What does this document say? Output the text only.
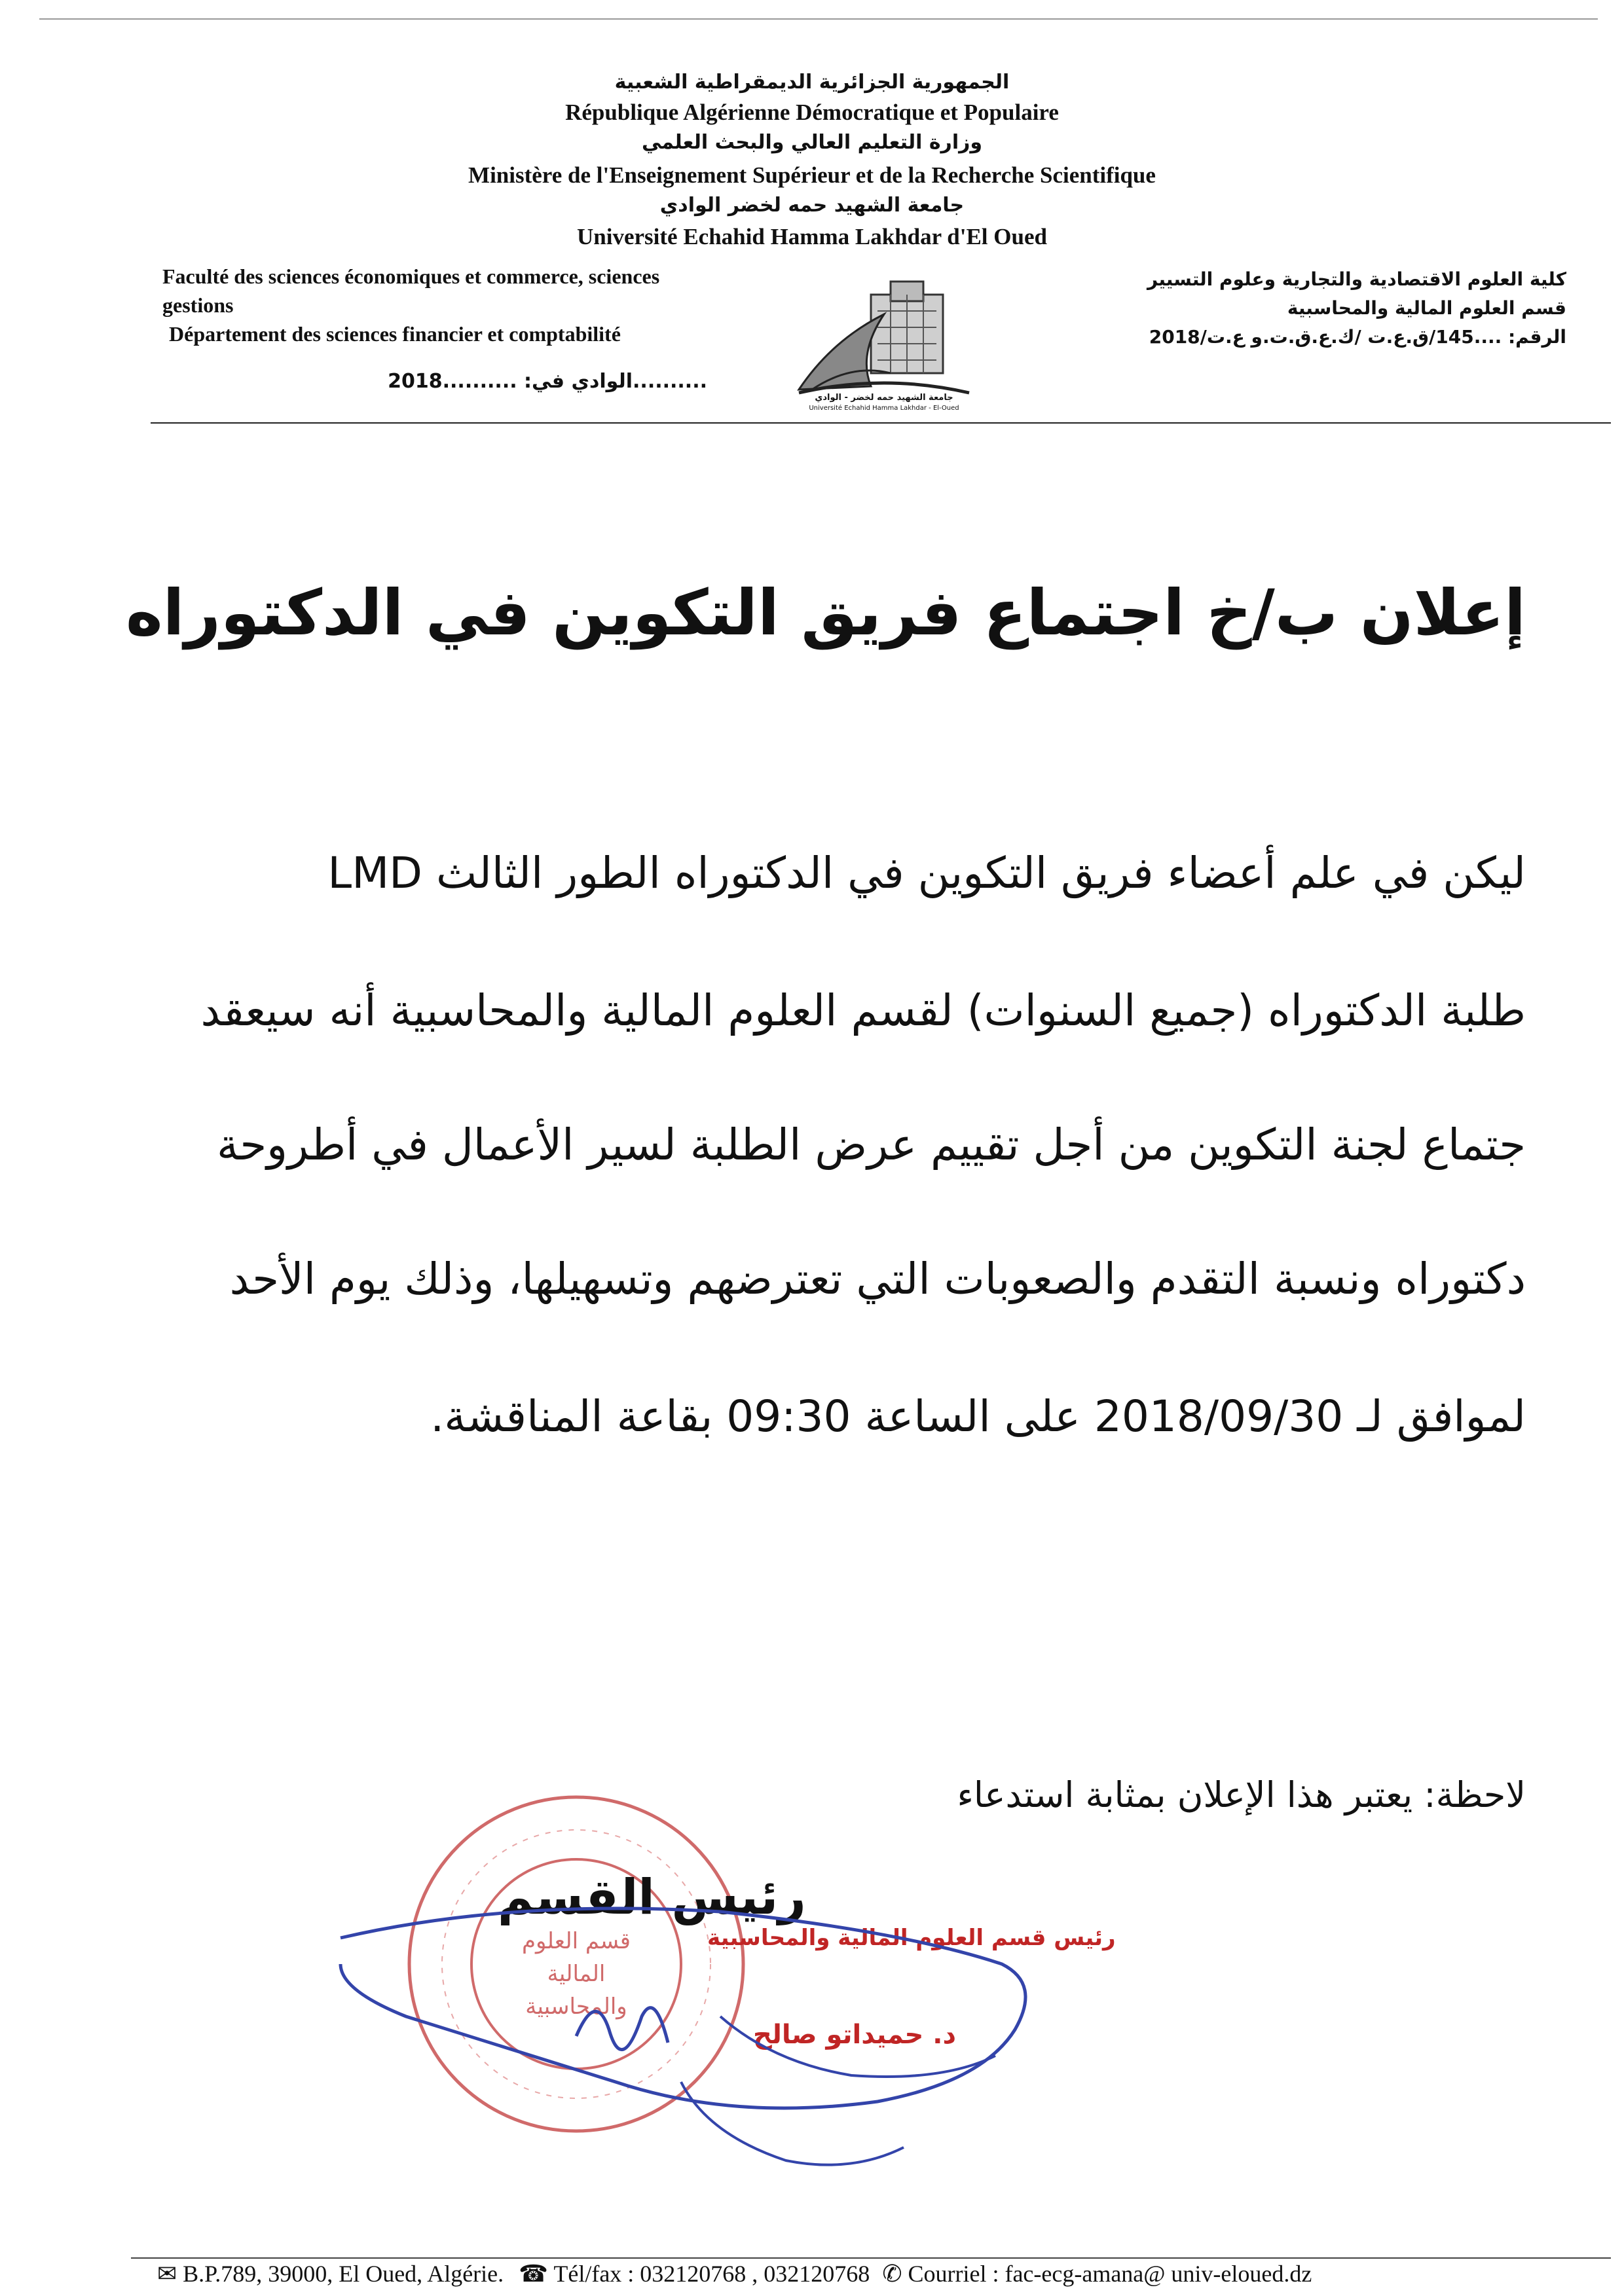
الجمهورية الجزائرية الديمقراطية الشعبية
République Algérienne Démocratique et Populaire
وزارة التعليم العالي والبحث العلمي
Ministère de l'Enseignement Supérieur et de la Recherche Scientifique
جامعة الشهيد حمه لخضر الوادي
Université Echahid Hamma Lakhdar d'El Oued
Faculté des sciences économiques et commerce, sciences
gestions
Département des sciences financier et comptabilité
الوادي في: ..........2018..........
جامعة الشهيد حمه لخضر - الوادي
Université Echahid Hamma Lakhdar - El-Oued
كلية العلوم الاقتصادية والتجارية وعلوم التسيير
قسم العلوم المالية والمحاسبية
الرقم: ....145/ق.ع.ت /ك.ع.ق.ت.و ع.ت/2018
إعلان ب/خ اجتماع فريق التكوين في الدكتوراه
ليكن في علم أعضاء فريق التكوين في الدكتوراه الطور الثالث LMD
طلبة الدكتوراه (جميع السنوات) لقسم العلوم المالية والمحاسبية أنه سيعقد
جتماع لجنة التكوين من أجل تقييم عرض الطلبة لسير الأعمال في أطروحة
دكتوراه ونسبة التقدم والصعوبات التي تعترضهم وتسهيلها، وذلك يوم الأحد
لموافق لـ 2018/09/30 على الساعة 09:30 بقاعة المناقشة.
لاحظة: يعتبر هذا الإعلان بمثابة استدعاء
قسم العلوم المالية والمحاسبية
رئيس القسم
رئيس قسم العلوم المالية والمحاسبية
د. حميداتو صالح
✉ B.P.789, 39000, El Oued, Algérie. ☎ Tél/fax : 032120768 , 032120768 ✆ Courriel : fac-ecg-amana@ univ-eloued.dz
